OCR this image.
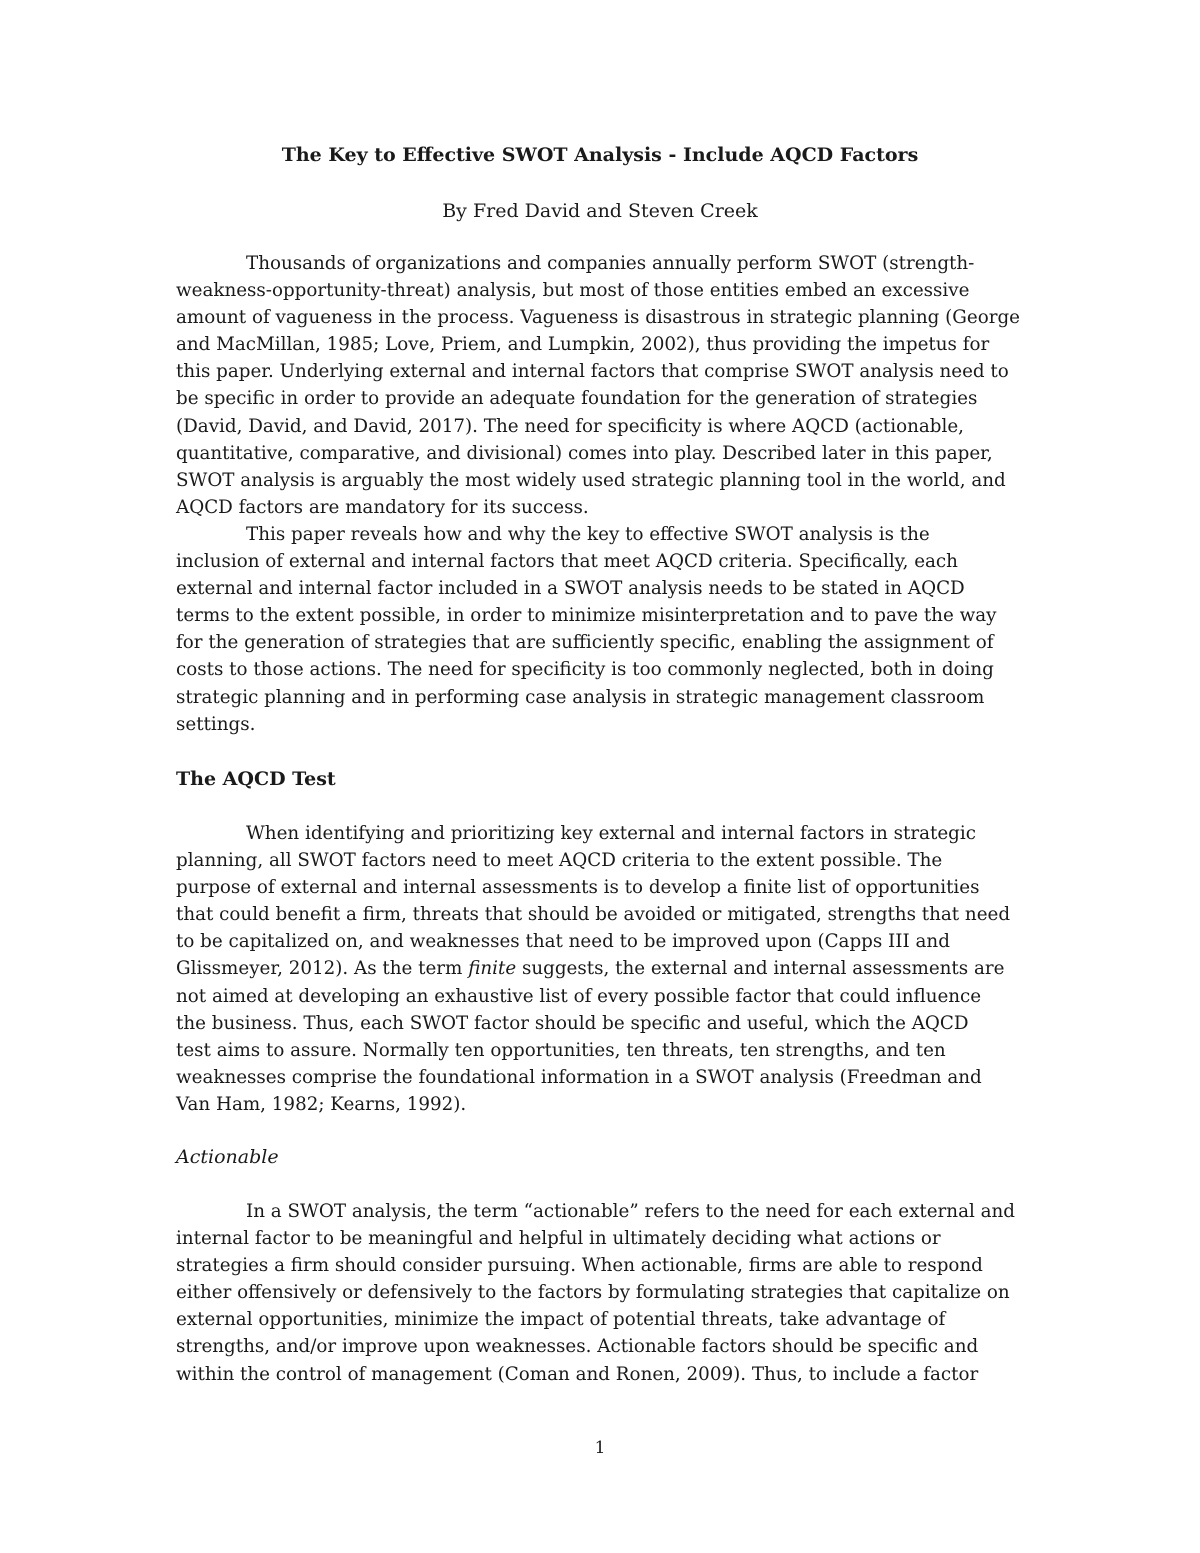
The Key to Effective SWOT Analysis - Include AQCD Factors
By Fred David and Steven Creek
Thousands of organizations and companies annually perform SWOT (strength-
weakness-opportunity-threat) analysis, but most of those entities embed an excessive
amount of vagueness in the process. Vagueness is disastrous in strategic planning (George
and MacMillan, 1985; Love, Priem, and Lumpkin, 2002), thus providing the impetus for
this paper. Underlying external and internal factors that comprise SWOT analysis need to
be specific in order to provide an adequate foundation for the generation of strategies
(David, David, and David, 2017). The need for specificity is where AQCD (actionable,
quantitative, comparative, and divisional) comes into play. Described later in this paper,
SWOT analysis is arguably the most widely used strategic planning tool in the world, and
AQCD factors are mandatory for its success.
This paper reveals how and why the key to effective SWOT analysis is the
inclusion of external and internal factors that meet AQCD criteria. Specifically, each
external and internal factor included in a SWOT analysis needs to be stated in AQCD
terms to the extent possible, in order to minimize misinterpretation and to pave the way
for the generation of strategies that are sufficiently specific, enabling the assignment of
costs to those actions. The need for specificity is too commonly neglected, both in doing
strategic planning and in performing case analysis in strategic management classroom
settings.
The AQCD Test
When identifying and prioritizing key external and internal factors in strategic
planning, all SWOT factors need to meet AQCD criteria to the extent possible. The
purpose of external and internal assessments is to develop a finite list of opportunities
that could benefit a firm, threats that should be avoided or mitigated, strengths that need
to be capitalized on, and weaknesses that need to be improved upon (Capps III and
Glissmeyer, 2012). As the term finite suggests, the external and internal assessments are
not aimed at developing an exhaustive list of every possible factor that could influence
the business. Thus, each SWOT factor should be specific and useful, which the AQCD
test aims to assure. Normally ten opportunities, ten threats, ten strengths, and ten
weaknesses comprise the foundational information in a SWOT analysis (Freedman and
Van Ham, 1982; Kearns, 1992).
Actionable
In a SWOT analysis, the term “actionable” refers to the need for each external and
internal factor to be meaningful and helpful in ultimately deciding what actions or
strategies a firm should consider pursuing. When actionable, firms are able to respond
either offensively or defensively to the factors by formulating strategies that capitalize on
external opportunities, minimize the impact of potential threats, take advantage of
strengths, and/or improve upon weaknesses. Actionable factors should be specific and
within the control of management (Coman and Ronen, 2009). Thus, to include a factor
1
